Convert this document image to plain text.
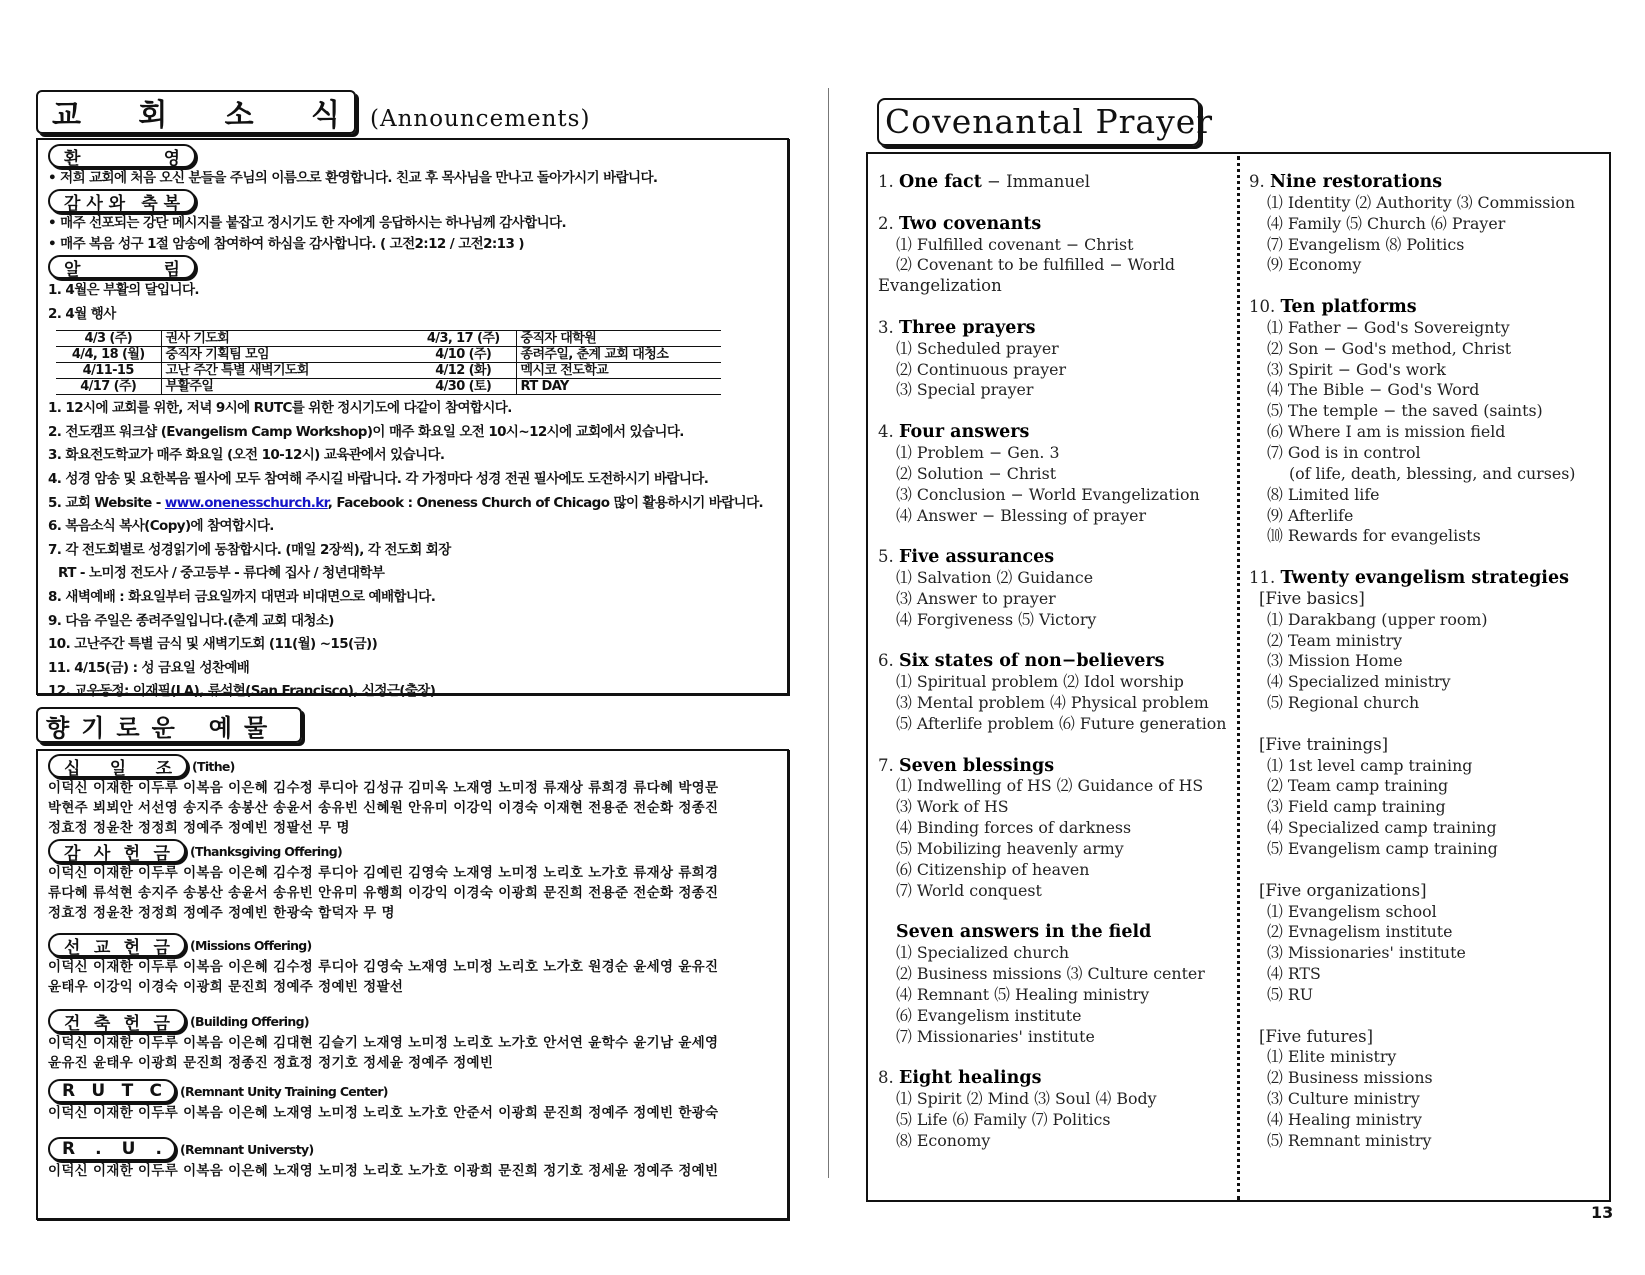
교 회 소 식 (Announcements)
환	영
• 저희 교회에 처음 오신 분들을 주님의 이름으로 환영합니다. 친교 후 목사님을 만나고 돌아가시기 바랍니다.
감 사 와 축 복
• 매주 선포되는 강단 메시지를 붙잡고 정시기도 한 자에게 응답하시는 하나님께 감사합니다.
• 매주 복음 성구 1절 암송에 참여하여 하심을 감사합니다. ( 고전2:12 / 고전2:13 )
알	림
1. 4월은 부활의 달입니다.
2. 4월 행사
4/3 (주)	권사 기도회	4/3, 17 (주)	중직자 대학원
4/4, 18 (월)	중직자 기획팀 모임	4/10 (주)	종려주일, 춘계 교회 대청소
4/11-15	고난 주간 특별 새벽기도회	4/12 (화)	멕시코 전도학교
4/17 (주)	부활주일	4/30 (토)	RT DAY
1. 12시에 교회를 위한, 저녁 9시에 RUTC를 위한 정시기도에 다같이 참여합시다.
2. 전도캠프 워크샵 (Evangelism Camp Workshop)이 매주 화요일 오전 10시~12시에 교회에서 있습니다.
3. 화요전도학교가 매주 화요일 (오전 10-12시) 교육관에서 있습니다.
4. 성경 암송 및 요한복음 필사에 모두 참여해 주시길 바랍니다. 각 가정마다 성경 전권 필사에도 도전하시기 바랍니다.
5. 교회 Website - www.onenesschurch.kr, Facebook : Oneness Church of Chicago 많이 활용하시기 바랍니다.
6. 복음소식 복사(Copy)에 참여합시다.
7. 각 전도회별로 성경읽기에 동참합시다. (매일 2장씩), 각 전도회 회장
RT - 노미정 전도사 / 중고등부 - 류다혜 집사 / 청년대학부
8. 새벽예배 : 화요일부터 금요일까지 대면과 비대면으로 예배합니다.
9. 다음 주일은 종려주일입니다.(춘계 교회 대청소)
10. 고난주간 특별 금식 및 새벽기도회 (11(월) ~15(금))
11. 4/15(금) : 성 금요일 성찬예배
12. 교우동정: 이재필(LA), 류석현(San Francisco), 신정근(출장)
향 기 로 운 예 물
십 일 조 (Tithe)
이덕신 이재한 이두루 이복음 이은혜 김수정 루디아 김성규 김미옥 노재영 노미정 류재상 류희경 류다혜 박영문
박현주 뵈뵈안 서선영 송지주 송봉산 송윤서 송유빈 신혜원 안유미 이강익 이경숙 이재현 전용준 전순화 정종진
정효정 정윤찬 정정희 정예주 정예빈 정팔선 무 명
감 사 헌 금 (Thanksgiving Offering)
이덕신 이재한 이두루 이복음 이은혜 김수정 루디아 김예린 김영숙 노재영 노미정 노리호 노가호 류재상 류희경
류다혜 류석현 송지주 송봉산 송윤서 송유빈 안유미 유행희 이강익 이경숙 이광희 문진희 전용준 전순화 정종진
정효정 정윤찬 정정희 정예주 정예빈 한광숙 함덕자 무 명
선 교 헌 금 (Missions Offering)
이덕신 이재한 이두루 이복음 이은혜 김수정 루디아 김영숙 노재영 노미정 노리호 노가호 원경순 윤세영 윤유진
윤태우 이강익 이경숙 이광희 문진희 정예주 정예빈 정팔선
건 축 헌 금 (Building Offering)
이덕신 이재한 이두루 이복음 이은혜 김대현 김슬기 노재영 노미정 노리호 노가호 안서연 윤학수 윤기남 윤세영
윤유진 윤태우 이광희 문진희 정종진 정효정 정기호 정세윤 정예주 정예빈
R U T C (Remnant Unity Training Center)
이덕신 이재한 이두루 이복음 이은혜 노재영 노미정 노리호 노가호 안준서 이광희 문진희 정예주 정예빈 한광숙
R . U . (Remnant Universty)
이덕신 이재한 이두루 이복음 이은혜 노재영 노미정 노리호 노가호 이광희 문진희 정기호 정세윤 정예주 정예빈
Covenantal Prayer
1. One fact − Immanuel
2. Two covenants
⑴ Fulfilled covenant − Christ
⑵ Covenant to be fulfilled − World
Evangelization
3. Three prayers
⑴ Scheduled prayer
⑵ Continuous prayer
⑶ Special prayer
4. Four answers
⑴ Problem − Gen. 3
⑵ Solution − Christ
⑶ Conclusion − World Evangelization
⑷ Answer − Blessing of prayer
5. Five assurances
⑴ Salvation ⑵ Guidance
⑶ Answer to prayer
⑷ Forgiveness ⑸ Victory
6. Six states of non−believers
⑴ Spiritual problem ⑵ Idol worship
⑶ Mental problem ⑷ Physical problem
⑸ Afterlife problem ⑹ Future generation
7. Seven blessings
⑴ Indwelling of HS ⑵ Guidance of HS
⑶ Work of HS
⑷ Binding forces of darkness
⑸ Mobilizing heavenly army
⑹ Citizenship of heaven
⑺ World conquest
Seven answers in the field
⑴ Specialized church
⑵ Business missions ⑶ Culture center
⑷ Remnant ⑸ Healing ministry
⑹ Evangelism institute
⑺ Missionaries' institute
8. Eight healings
⑴ Spirit ⑵ Mind ⑶ Soul ⑷ Body
⑸ Life ⑹ Family ⑺ Politics
⑻ Economy
9. Nine restorations
⑴ Identity ⑵ Authority ⑶ Commission
⑷ Family ⑸ Church ⑹ Prayer
⑺ Evangelism ⑻ Politics
⑼ Economy
10. Ten platforms
⑴ Father − God's Sovereignty
⑵ Son − God's method, Christ
⑶ Spirit − God's work
⑷ The Bible − God's Word
⑸ The temple − the saved (saints)
⑹ Where I am is mission field
⑺ God is in control
(of life, death, blessing, and curses)
⑻ Limited life
⑼ Afterlife
⑽ Rewards for evangelists
11. Twenty evangelism strategies
[Five basics]
⑴ Darakbang (upper room)
⑵ Team ministry
⑶ Mission Home
⑷ Specialized ministry
⑸ Regional church
[Five trainings]
⑴ 1st level camp training
⑵ Team camp training
⑶ Field camp training
⑷ Specialized camp training
⑸ Evangelism camp training
[Five organizations]
⑴ Evangelism school
⑵ Evnagelism institute
⑶ Missionaries' institute
⑷ RTS
⑸ RU
[Five futures]
⑴ Elite ministry
⑵ Business missions
⑶ Culture ministry
⑷ Healing ministry
⑸ Remnant ministry
13
